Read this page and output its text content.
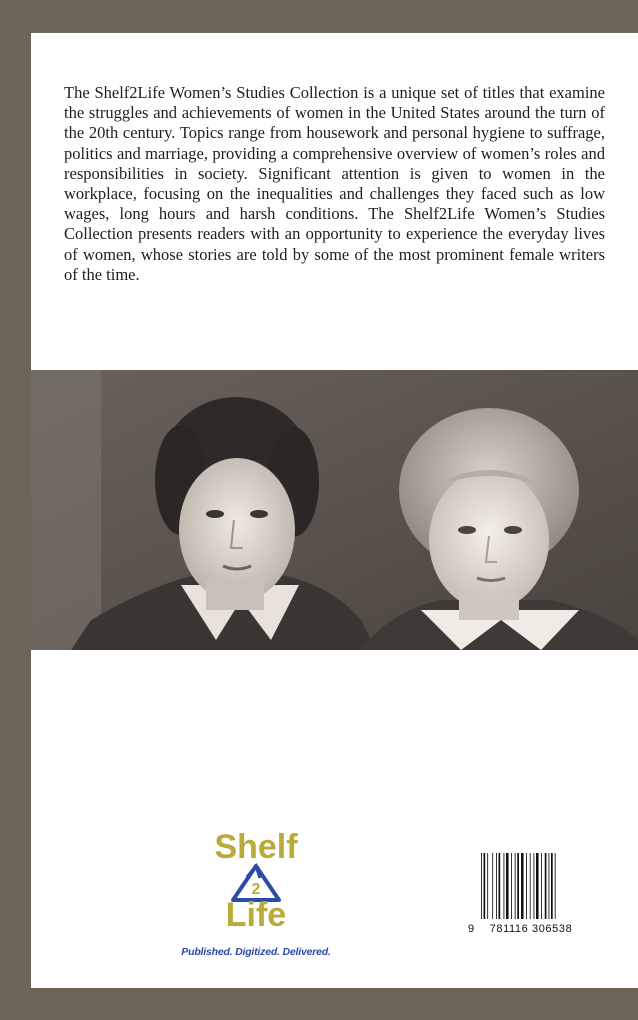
The Shelf2Life Women’s Studies Collection is a unique set of titles that examine the struggles and achievements of women in the United States around the turn of the 20th century. Topics range from housework and personal hygiene to suffrage, politics and marriage, providing a comprehensive overview of women’s roles and responsibilities in society. Significant attention is given to women in the workplace, focusing on the inequalities and challenges they faced such as low wages, long hours and harsh conditions. The Shelf2Life Women’s Studies Collection presents readers with an opportunity to experience the everyday lives of women, whose stories are told by some of the most prominent female writers of the time.

Shelf
2
Life
Published. Digitized. Delivered.
9	781116 306538
